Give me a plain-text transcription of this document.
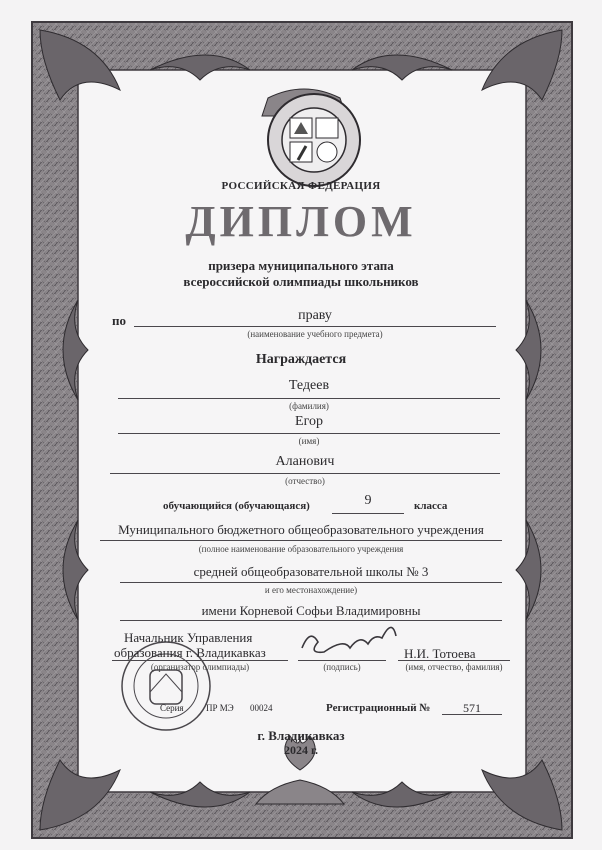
РОССИЙСКАЯ ФЕДЕРАЦИЯ
ДИПЛОМ
призера муниципального этапа
всероссийской олимпиады школьников
по	праву
(наименование учебного предмета)
Награждается
Тедеев
(фамилия)
Егор
(имя)
Аланович
(отчество)
обучающийся (обучающаяся)	9	класса
Муниципального бюджетного общеобразовательного учреждения
(полное наименование образовательного учреждения
средней общеобразовательной школы № 3
и его местонахождение)
имени Корневой Софьи Владимировны
Начальник Управления
образования г. Владикавказ
(организатор олимпиады)	(подпись)
Н.И. Тотоева
(имя, отчество, фамилия)
Серия ПР МЭ 00024	Регистрационный №	571
г. Владикавказ
2024 г.
